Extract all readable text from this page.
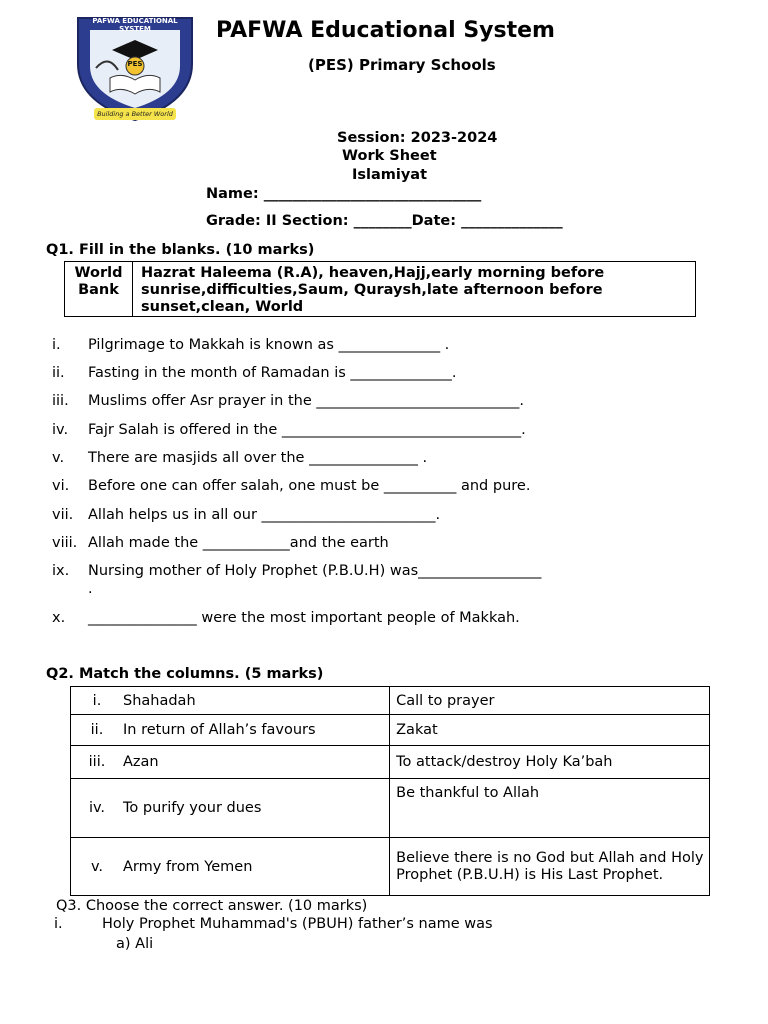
PAFWA EDUCATIONAL SYSTEM
PES
Building a Better World
PAFWA Educational System
(PES) Primary Schools
Session: 2023-2024
Work Sheet
Islamiyat
Name: ______________________________
Grade: II Section: ________Date: ______________
Q1. Fill in the blanks. (10 marks)
World
Bank
Hazrat Haleema (R.A), heaven,Hajj,early morning before sunrise,difficulties,Saum, Quraysh,late afternoon before sunset,clean, World
i. Pilgrimage to Makkah is known as ______________ .
ii. Fasting in the month of Ramadan is ______________.
iii. Muslims offer Asr prayer in the ____________________________.
iv. Fajr Salah is offered in the _________________________________.
v. There are masjids all over the _______________ .
vi. Before one can offer salah, one must be __________ and pure.
vii. Allah helps us in all our ________________________.
viii. Allah made the ____________and the earth
ix. Nursing mother of Holy Prophet (P.B.U.H) was_________________
.
x. _______________ were the most important people of Makkah.
Q2. Match the columns. (5 marks)
i. Shahadah	Call to prayer
ii. In return of Allah’s favours	Zakat
iii. Azan	To attack/destroy Holy Ka’bah
iv. To purify your dues	Be thankful to Allah
v. Army from Yemen	Believe there is no God but Allah and Holy Prophet (P.B.U.H) is His Last Prophet.
Q3. Choose the correct answer. (10 marks)
i.	Holy Prophet Muhammad's (PBUH) father’s name was
a) Ali
